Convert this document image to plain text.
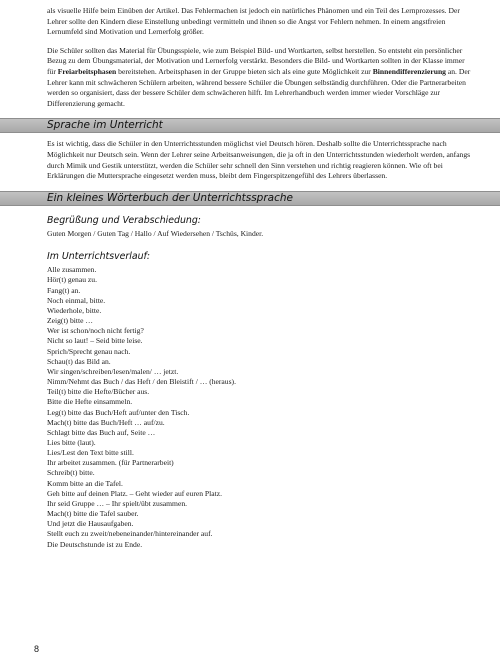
als visuelle Hilfe beim Einüben der Artikel. Das Fehlermachen ist jedoch ein natürliches Phänomen und ein Teil des Lernprozesses. Der Lehrer sollte den Kindern diese Einstellung unbedingt vermitteln und ihnen so die Angst vor Fehlern nehmen. In einem angstfreien Lernumfeld sind Motivation und Lernerfolg größer.

Die Schüler sollten das Material für Übungsspiele, wie zum Beispiel Bild- und Wortkarten, selbst herstellen. So entsteht ein persönlicher Bezug zu dem Übungsmaterial, der Motivation und Lernerfolg verstärkt. Besonders die Bild- und Wortkarten sollten in der Klasse immer für Freiarbeitsphasen bereitstehen. Arbeitsphasen in der Gruppe bieten sich als eine gute Möglichkeit zur Binnendifferenzierung an. Der Lehrer kann mit schwächeren Schülern arbeiten, während bessere Schüler die Übungen selbständig durchführen. Oder die Partnerarbeiten werden so organisiert, dass der bessere Schüler dem schwächeren hilft. Im Lehrerhandbuch werden immer wieder Vorschläge zur Differenzierung gemacht.

Sprache im Unterricht

Es ist wichtig, dass die Schüler in den Unterrichtsstunden möglichst viel Deutsch hören. Deshalb sollte die Unterrichtssprache nach Möglichkeit nur Deutsch sein. Wenn der Lehrer seine Arbeitsanweisungen, die ja oft in den Unterrichtsstunden wiederholt werden, anfangs durch Mimik und Gestik unterstützt, werden die Schüler sehr schnell den Sinn verstehen und richtig reagieren können. Wie oft bei Erklärungen die Muttersprache eingesetzt werden muss, bleibt dem Fingerspitzengefühl des Lehrers überlassen.

Ein kleines Wörterbuch der Unterrichtssprache
Begrüßung und Verabschiedung:

Guten Morgen / Guten Tag / Hallo / Auf Wiedersehen / Tschüs, Kinder.

Im Unterrichtsverlauf:
Alle zusammen.
Hör(t) genau zu.
Fang(t) an.
Noch einmal, bitte.
Wiederhole, bitte.
Zeig(t) bitte …
Wer ist schon/noch nicht fertig?
Nicht so laut! – Seid bitte leise.
Sprich/Sprecht genau nach.
Schau(t) das Bild an.
Wir singen/schreiben/lesen/malen/ … jetzt.
Nimm/Nehmt das Buch / das Heft / den Bleistift / … (heraus).
Teil(t) bitte die Hefte/Bücher aus.
Bitte die Hefte einsammeln.
Leg(t) bitte das Buch/Heft auf/unter den Tisch.
Mach(t) bitte das Buch/Heft … auf/zu.
Schlagt bitte das Buch auf, Seite …
Lies bitte (laut).
Lies/Lest den Text bitte still.
Ihr arbeitet zusammen. (für Partnerarbeit)
Schreib(t) bitte.
Komm bitte an die Tafel.
Geh bitte auf deinen Platz. – Geht wieder auf euren Platz.
Ihr seid Gruppe … – Ihr spielt/übt zusammen.
Mach(t) bitte die Tafel sauber.
Und jetzt die Hausaufgaben.
Stellt euch zu zweit/nebeneinander/hintereinander auf.
Die Deutschstunde ist zu Ende.
8
